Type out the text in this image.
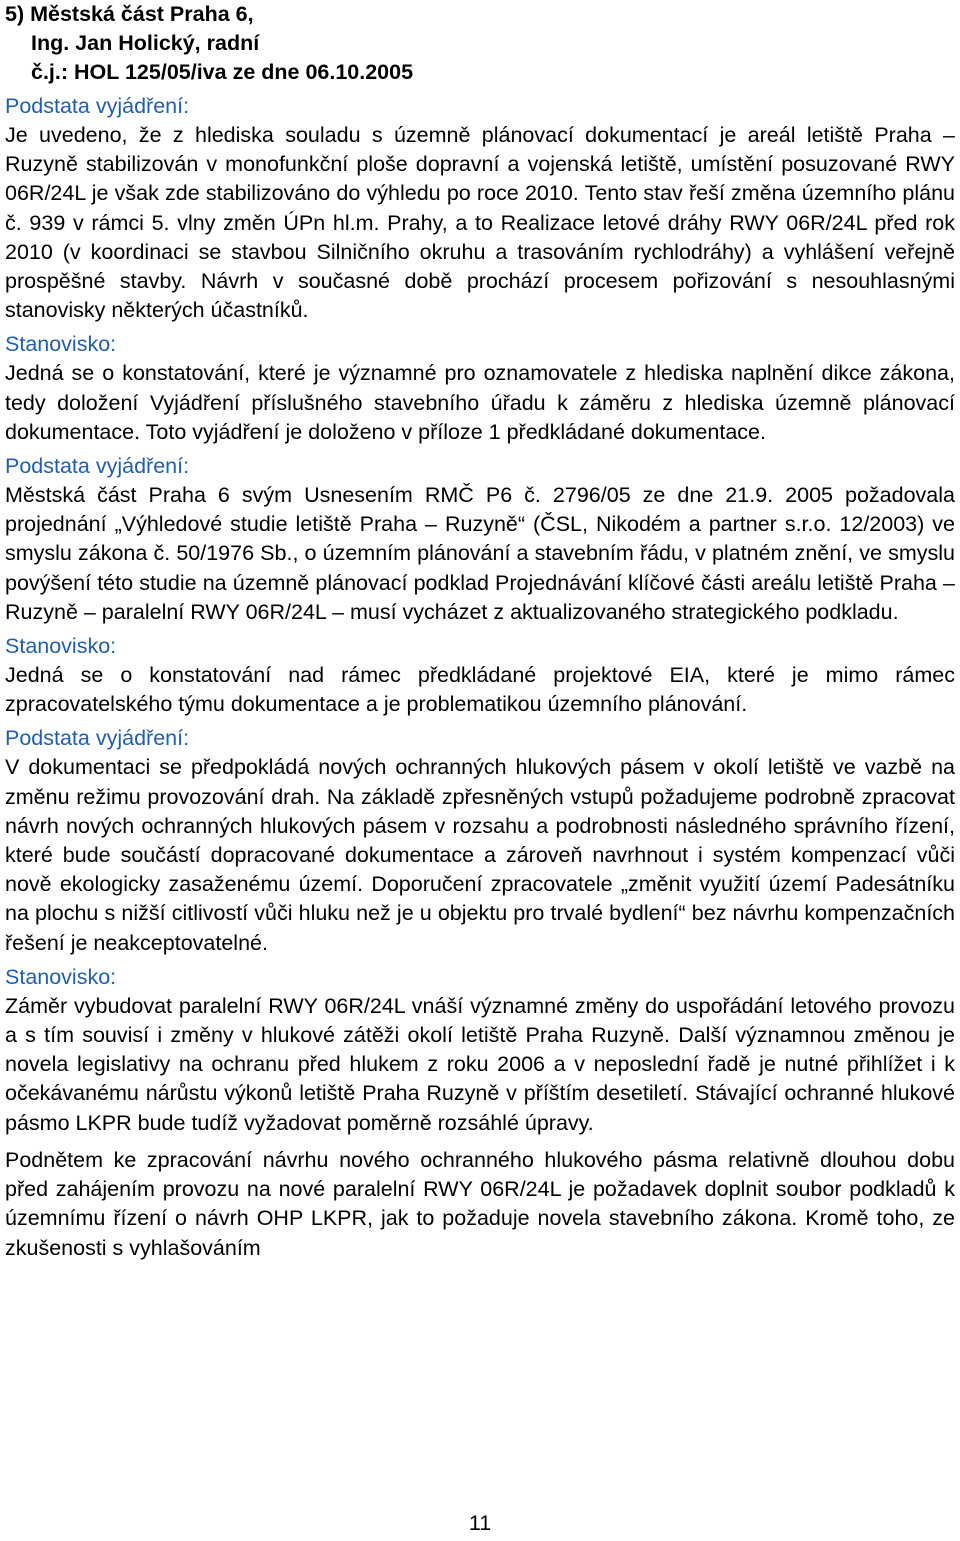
5) Městská část Praha 6,
Ing. Jan Holický, radní
č.j.: HOL 125/05/iva ze dne 06.10.2005
Podstata vyjádření:
Je uvedeno, že z hlediska souladu s územně plánovací dokumentací je areál letiště Praha – Ruzyně stabilizován v monofunkční ploše dopravní a vojenská letiště, umístění posuzované RWY 06R/24L je však zde stabilizováno do výhledu po roce 2010. Tento stav řeší změna územního plánu č. 939 v rámci 5. vlny změn ÚPn hl.m. Prahy, a to Realizace letové dráhy RWY 06R/24L před rok 2010 (v koordinaci se stavbou Silničního okruhu a trasováním rychlodráhy) a vyhlášení veřejně prospěšné stavby. Návrh v současné době prochází procesem pořizování s nesouhlasnými stanovisky některých účastníků.
Stanovisko:
Jedná se o konstatování, které je významné pro oznamovatele z hlediska naplnění dikce zákona, tedy doložení Vyjádření příslušného stavebního úřadu k záměru z hlediska územně plánovací dokumentace. Toto vyjádření je doloženo v příloze 1 předkládané dokumentace.
Podstata vyjádření:
Městská část Praha 6 svým Usnesením RMČ P6 č. 2796/05 ze dne 21.9. 2005 požadovala projednání „Výhledové studie letiště Praha – Ruzyně“ (ČSL, Nikodém a partner s.r.o. 12/2003) ve smyslu zákona č. 50/1976 Sb., o územním plánování a stavebním řádu, v platném znění, ve smyslu povýšení této studie na územně plánovací podklad Projednávání klíčové části areálu letiště Praha – Ruzyně – paralelní RWY 06R/24L – musí vycházet z aktualizovaného strategického podkladu.
Stanovisko:
Jedná se o konstatování nad rámec předkládané projektové EIA, které je mimo rámec zpracovatelského týmu dokumentace a je problematikou územního plánování.
Podstata vyjádření:
V dokumentaci se předpokládá nových ochranných hlukových pásem v okolí letiště ve vazbě na změnu režimu provozování drah. Na základě zpřesněných vstupů požadujeme podrobně zpracovat návrh nových ochranných hlukových pásem v rozsahu a podrobnosti následného správního řízení, které bude součástí dopracované dokumentace a zároveň navrhnout i systém kompenzací vůči nově ekologicky zasaženému území. Doporučení zpracovatele „změnit využití území Padesátníku na plochu s nižší citlivostí vůči hluku než je u objektu pro trvalé bydlení“ bez návrhu kompenzačních řešení je neakceptovatelné.
Stanovisko:
Záměr vybudovat paralelní RWY 06R/24L vnáší významné změny do uspořádání letového provozu a s tím souvisí i změny v hlukové zátěži okolí letiště Praha Ruzyně. Další významnou změnou je novela legislativy na ochranu před hlukem z roku 2006 a v neposlední řadě je nutné přihlížet i k očekávanému nárůstu výkonů letiště Praha Ruzyně v příštím desetiletí. Stávající ochranné hlukové pásmo LKPR bude tudíž vyžadovat poměrně rozsáhlé úpravy.
Podnětem ke zpracování návrhu nového ochranného hlukového pásma relativně dlouhou dobu před zahájením provozu na nové paralelní RWY 06R/24L je požadavek doplnit soubor podkladů k územnímu řízení o návrh OHP LKPR, jak to požaduje novela stavebního zákona. Kromě toho, ze zkušenosti s vyhlašováním
11
